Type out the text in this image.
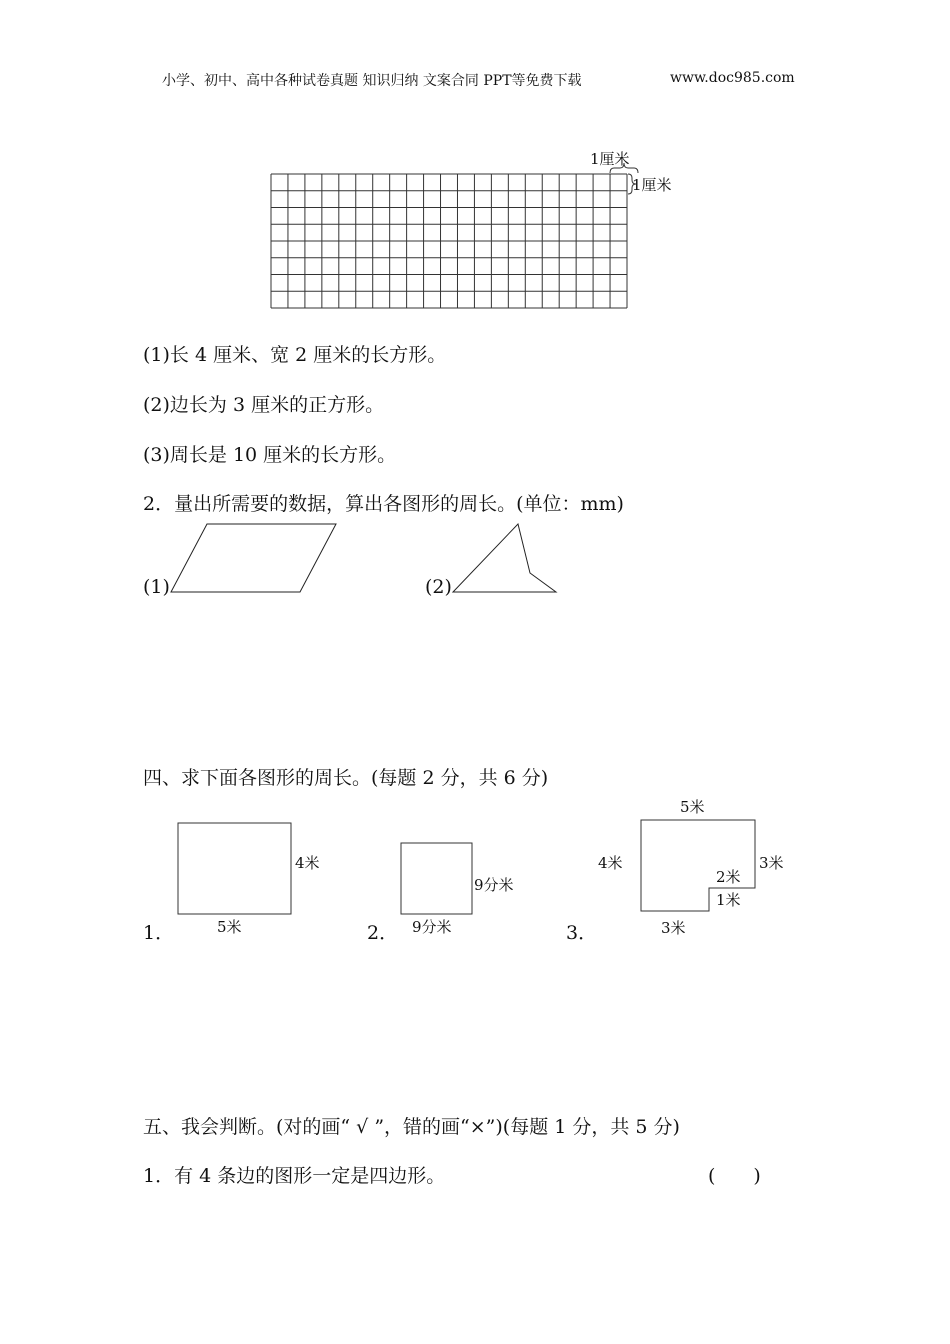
小学、初中、高中各种试卷真题 知识归纳 文案合同 PPT等免费下载	www.doc985.com
1厘米
1厘米
(1)长 4 厘米、宽 2 厘米的长方形。
(2)边长为 3 厘米的正方形。
(3)周长是 10 厘米的长方形。
2．量出所需要的数据，算出各图形的周长。(单位：mm)
(1)	(2)
四、求下面各图形的周长。(每题 2 分，共 6 分)
1．
4米
5米	2．
9分米
9分米	3．
5米
4米	3米
2米
1米
3米
五、我会判断。(对的画“ √ ”，错的画“×”)(每题 1 分，共 5 分)
1．有 4 条边的图形一定是四边形。	(　　)
